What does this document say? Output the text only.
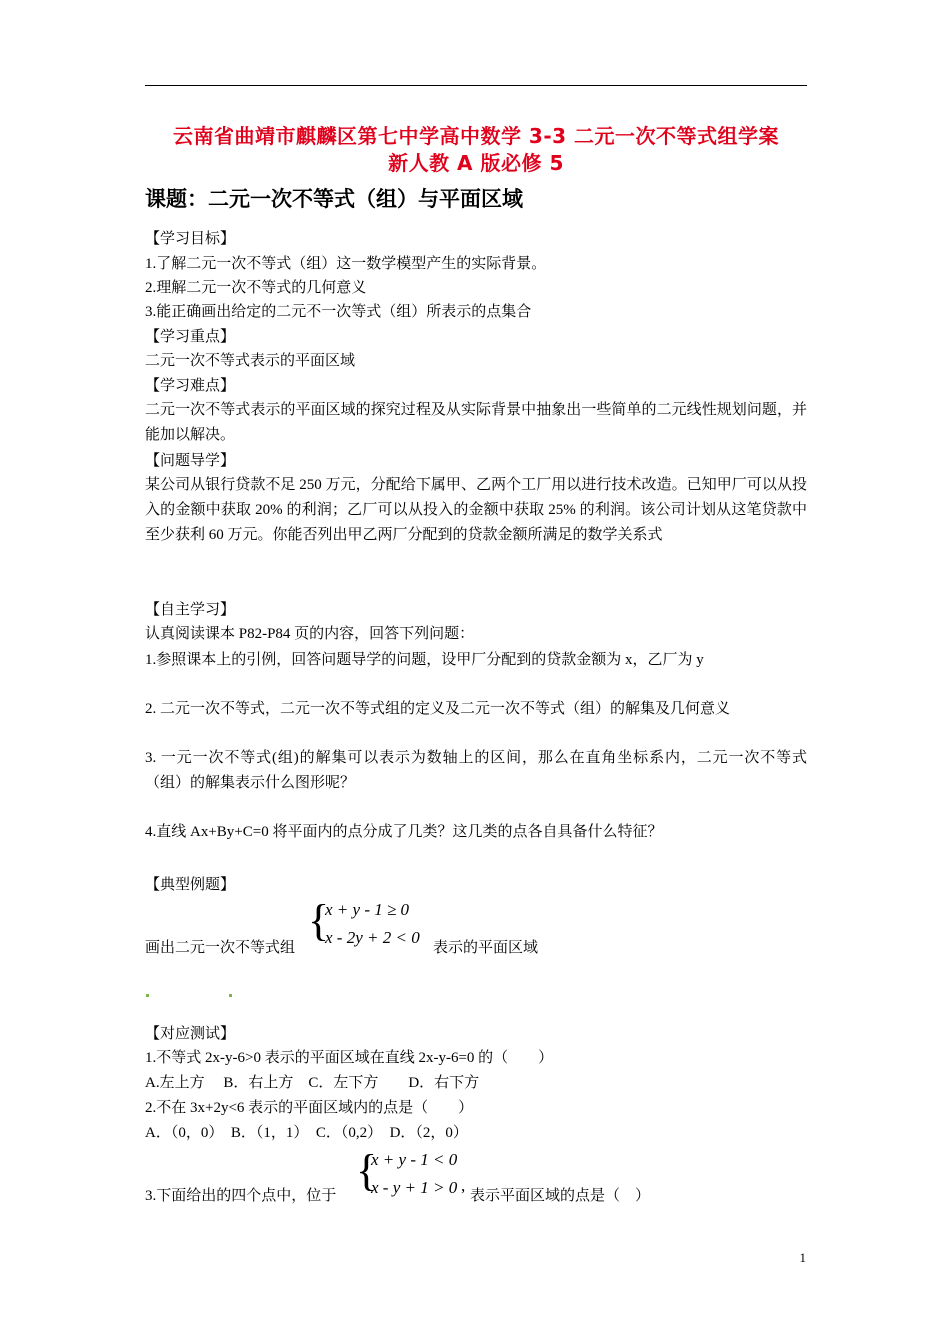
云南省曲靖市麒麟区第七中学高中数学 3-3 二元一次不等式组学案
新人教 A 版必修 5
课题：二元一次不等式（组）与平面区域
【学习目标】
1.了解二元一次不等式（组）这一数学模型产生的实际背景。
2.理解二元一次不等式的几何意义
3.能正确画出给定的二元不一次等式（组）所表示的点集合
【学习重点】
二元一次不等式表示的平面区域
【学习难点】
二元一次不等式表示的平面区域的探究过程及从实际背景中抽象出一些简单的二元线性规划问题，并能加以解决。
【问题导学】
某公司从银行贷款不足 250 万元，分配给下属甲、乙两个工厂用以进行技术改造。已知甲厂可以从投入的金额中获取 20% 的利润；乙厂可以从投入的金额中获取 25% 的利润。该公司计划从这笔贷款中至少获利 60 万元。你能否列出甲乙两厂分配到的贷款金额所满足的数学关系式
【自主学习】
认真阅读课本 P82-P84 页的内容，回答下列问题：
1.参照课本上的引例，回答问题导学的问题，设甲厂分配到的贷款金额为 x，乙厂为 y
2. 二元一次不等式，二元一次不等式组的定义及二元一次不等式（组）的解集及几何意义
3. 一元一次不等式(组)的解集可以表示为数轴上的区间，那么在直角坐标系内，二元一次不等式（组）的解集表示什么图形呢？
4.直线 Ax+By+C=0 将平面内的点分成了几类？这几类的点各自具备什么特征？
【典型例题】
画出二元一次不等式组
{
x + y - 1 ≥ 0
x - 2y + 2 < 0
表示的平面区域
【对应测试】
1.不等式 2x-y-6>0 表示的平面区域在直线 2x-y-6=0 的（　　）
A.左上方　 B．右上方　C．左下方　　D．右下方
2.不在 3x+2y<6 表示的平面区域内的点是（　　）
A．（0，0）　B．（1，1）　C．（0,2）　D．（2，0）
3.下面给出的四个点中，位于
{
x + y - 1 < 0
x - y + 1 > 0 ,
表示平面区域的点是（　）
1
